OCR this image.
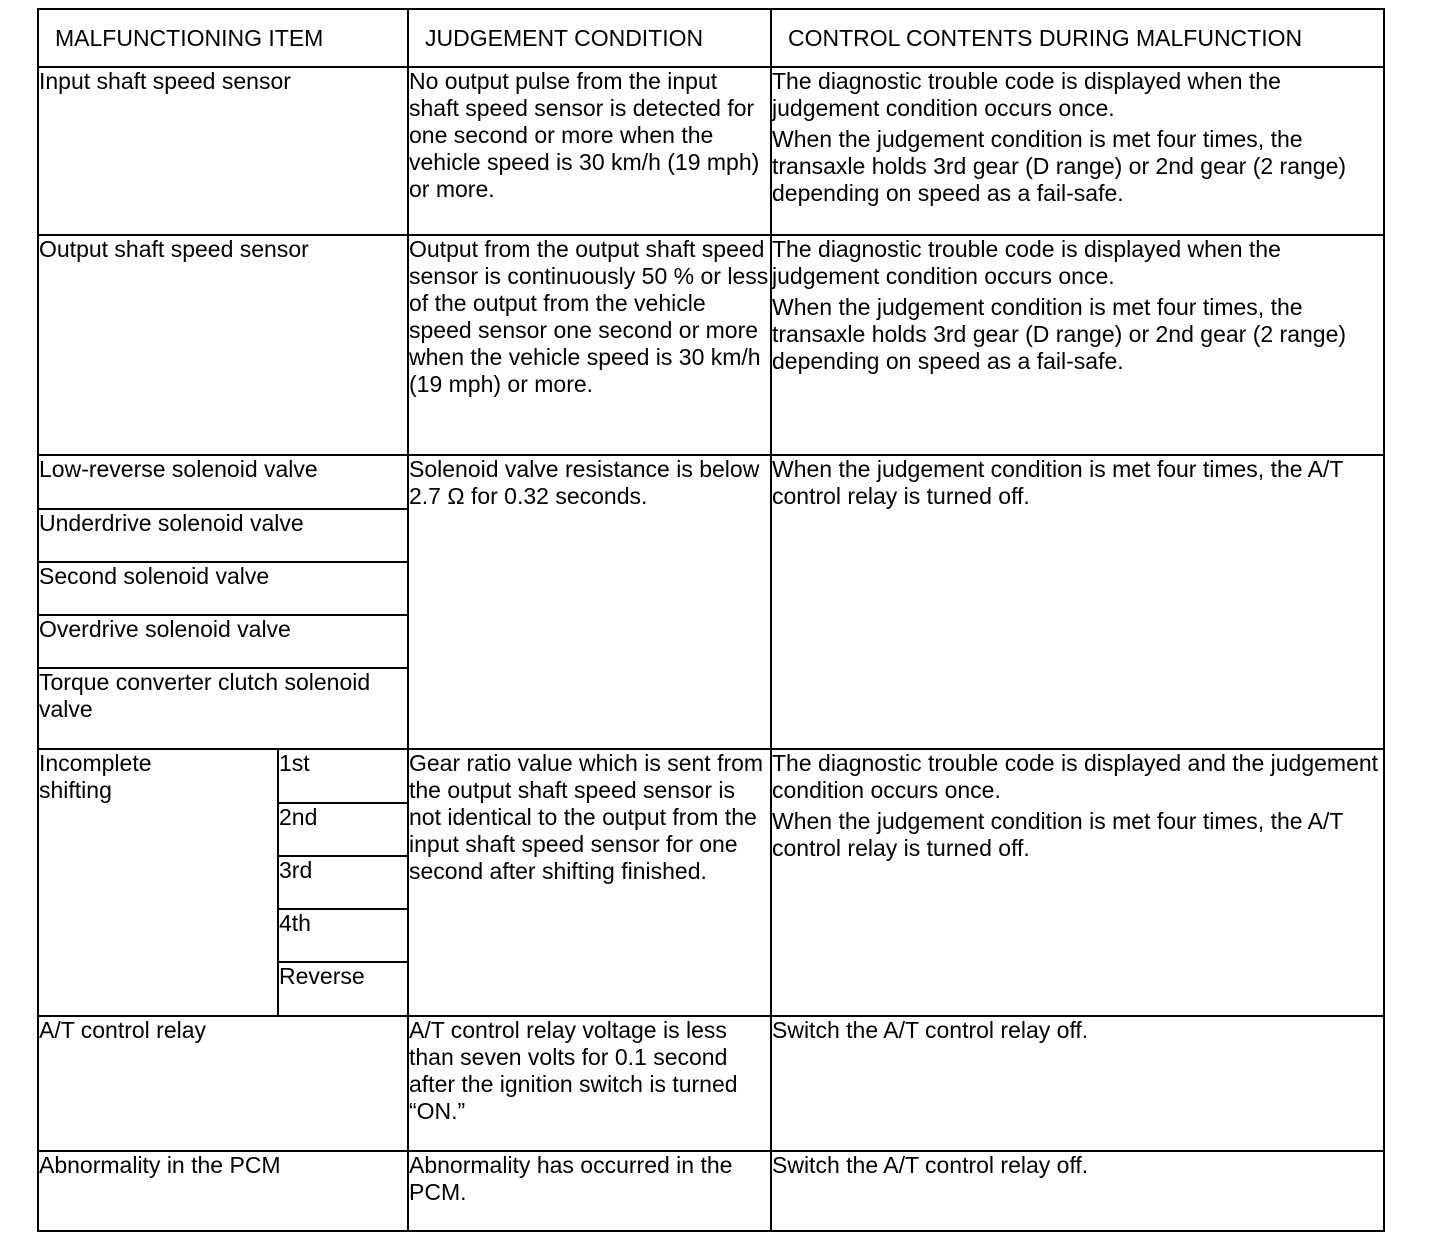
MALFUNCTIONING ITEM		JUDGEMENT CONDITION	CONTROL CONTENTS DURING MALFUNCTION
Input shaft speed sensor		No output pulse from the input shaft speed sensor is detected for one second or more when the vehicle speed is 30 km/h (19 mph) or more.	The diagnostic trouble code is displayed when the judgement condition occurs once.

When the judgement condition is met four times, the transaxle holds 3rd gear (D range) or 2nd gear (2 range) depending on speed as a fail-safe.

Output shaft speed sensor		Output from the output shaft speed sensor is continuously 50 % or less of the output from the vehicle speed sensor one second or more when the vehicle speed is 30 km/h (19 mph) or more.	The diagnostic trouble code is displayed when the judgement condition occurs once.

When the judgement condition is met four times, the transaxle holds 3rd gear (D range) or 2nd gear (2 range) depending on speed as a fail-safe.

Low-reverse solenoid valve		Solenoid valve resistance is below 2.7 Ω for 0.32 seconds.	When the judgement condition is met four times, the A/T control relay is turned off.
Underdrive solenoid valve			
Second solenoid valve			
Overdrive solenoid valve			
Torque converter clutch solenoid valve			
Incomplete shifting	1st	Gear ratio value which is sent from the output shaft speed sensor is not identical to the output from the input shaft speed sensor for one second after shifting finished.	The diagnostic trouble code is displayed and the judgement condition occurs once.

When the judgement condition is met four times, the A/T control relay is turned off.

	2nd		
	3rd		
	4th		
	Reverse		
A/T control relay		A/T control relay voltage is less than seven volts for 0.1 second after the ignition switch is turned “ON.”	Switch the A/T control relay off.
Abnormality in the PCM		Abnormality has occurred in the PCM.	Switch the A/T control relay off.
